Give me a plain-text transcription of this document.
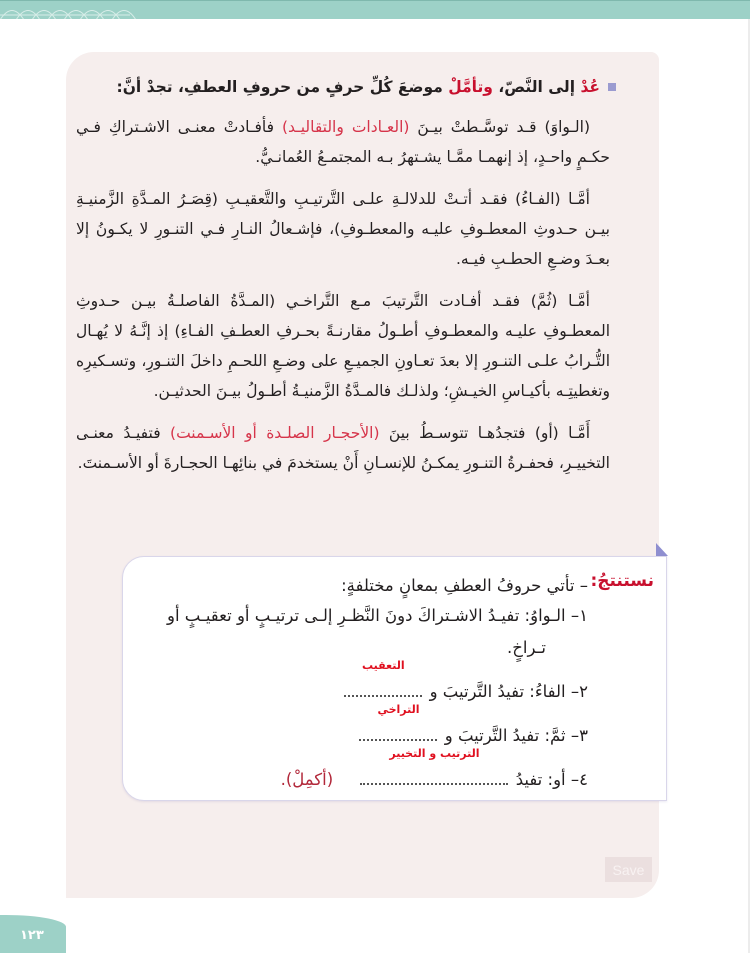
عُدْ إلى النَّصّ، وتأمَّلْ موضعَ كُلِّ حرفٍ من حروفِ العطفِ، تجدْ أنَّ:

(الـواوَ) قـد توسَّـطتْ بيـنَ (العـادات والتقاليـد) فأفـادتْ معنـى الاشـتراكِ فـي حكـمٍ واحـدٍ، إذ إنهمـا ممَّـا يشـتهرُ بـه المجتمـعُ العُمانـيُّ.

أمَّـا (الفـاءُ) فقـد أتـتْ للدلالـةِ علـى التَّرتيـبِ والتَّعقيـبِ (قِصَـرُ المـدَّةِ الزَّمنيـةِ بيـن حـدوثِ المعطـوفِ عليـه والمعطـوفِ)، فإشـعالُ النـارِ فـي التنـورِ لا يكـونُ إلا بعـدَ وضـعِ الحطـبِ فيـه.

أمَّـا (ثُمَّ) فقـد أفـادت التَّرتيبَ مـع التَّراخـي (المـدَّةُ الفاصلـةُ بيـن حـدوثِ المعطـوفِ عليـه والمعطـوفِ أطـولُ مقارنـةً بحـرفِ العطـفِ الفـاءِ) إذ إنَّـهُ لا يُهـال التُّـرابُ علـى التنـورِ إلا بعدَ تعـاونِ الجميـعِ على وضـعِ اللحـمِ داخلَ التنـورِ، وتسـكيرِه وتغطيتِـه بأكيـاسِ الخيـشِ؛ ولذلـك فالمـدَّةُ الزَّمنيـةُ أطـولُ بيـنَ الحدثيـن.

أَمَّـا (أو) فتجدُهـا تتوسـطُ بينَ (الأحجـار الصلـدة أو الأسـمنت) فتفيـدُ معنـى التخييـرِ، فحفـرةُ التنـورِ يمكـنُ للإنسـانِ أَنْ يستخدمَ في بنائِهـا الحجـارةَ أو الأسـمنتَ.

نستنتجُ:
– تأتي حروفُ العطفِ بمعانٍ مختلفةٍ:
١– الـواوُ: تفيـدُ الاشـتراكَ دونَ النَّظـرِ إلـى ترتيـبٍ أو تعقيـبٍ أو
تـراخٍ.
٢– الفاءُ: تفيدُ التَّرتيبَ و
التعقيب
٣– ثمَّ: تفيدُ التَّرتيبَ و
التراخي
٤– أو: تفيدُ
الترتيب و التخيير
(أكمِلْ).
Save
١٢٣
